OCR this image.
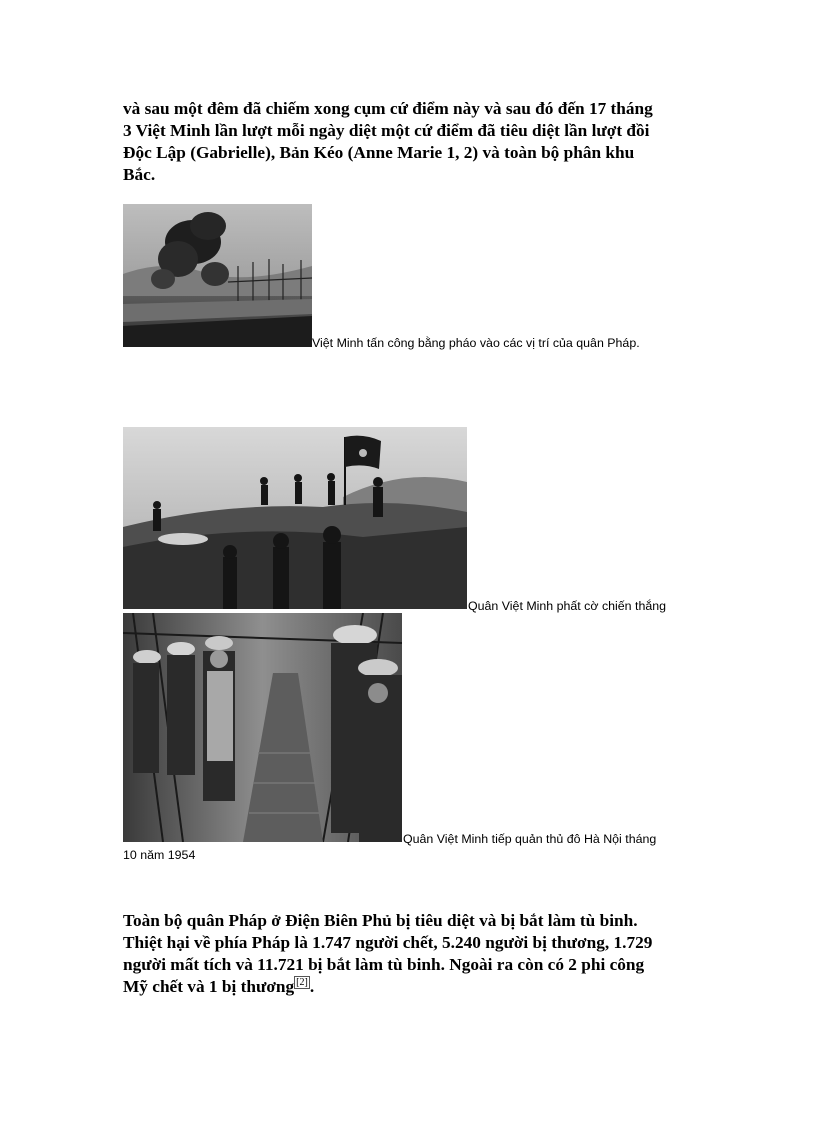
và sau một đêm đã chiếm xong cụm cứ điểm này và sau đó đến 17 tháng
3 Việt Minh lần lượt mỗi ngày diệt một cứ điểm đã tiêu diệt lần lượt đồi
Độc Lập (Gabrielle), Bản Kéo (Anne Marie 1, 2) và toàn bộ phân khu
Bắc.

Việt Minh tấn công bằng pháo vào các vị trí của quân Pháp.
Quân Việt Minh phất cờ chiến thắng
Quân Việt Minh tiếp quản thủ đô Hà Nội tháng
10 năm 1954

Toàn bộ quân Pháp ở Điện Biên Phủ bị tiêu diệt và bị bắt làm tù binh.
Thiệt hại về phía Pháp là 1.747 người chết, 5.240 người bị thương, 1.729
người mất tích và 11.721 bị bắt làm tù binh. Ngoài ra còn có 2 phi công
Mỹ chết và 1 bị thương [2] .
